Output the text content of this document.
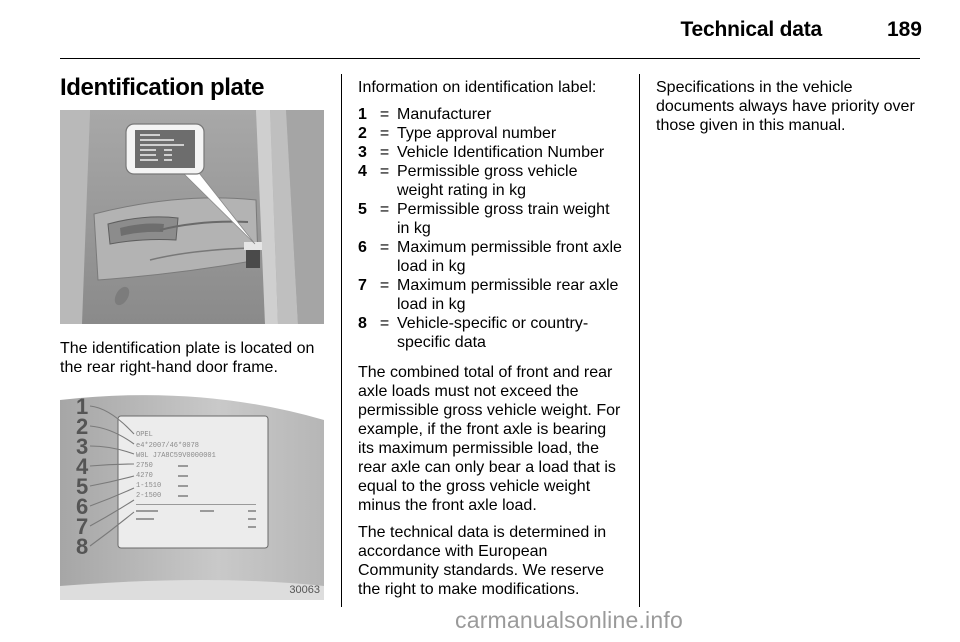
Technical data	189
Identification plate
The identification plate is located on the rear right-hand door frame.
1
2
3
4
5
6
7
8
OPEL
e4*2007/46*0078
W0L J7A8C59V0000001
2750
4270
1-1510
2-1500
30063
Information on identification label:
1 = Manufacturer
2 = Type approval number
3 = Vehicle Identification Number
4 = Permissible gross vehicle weight rating in kg
5 = Permissible gross train weight in kg
6 = Maximum permissible front axle load in kg
7 = Maximum permissible rear axle load in kg
8 = Vehicle-specific or country-specific data
The combined total of front and rear axle loads must not exceed the permissible gross vehicle weight. For example, if the front axle is bearing its maximum permissible load, the rear axle can only bear a load that is equal to the gross vehicle weight minus the front axle load.
The technical data is determined in accordance with European Community standards. We reserve the right to make modifications.
Specifications in the vehicle documents always have priority over those given in this manual.
carmanualsonline.info
